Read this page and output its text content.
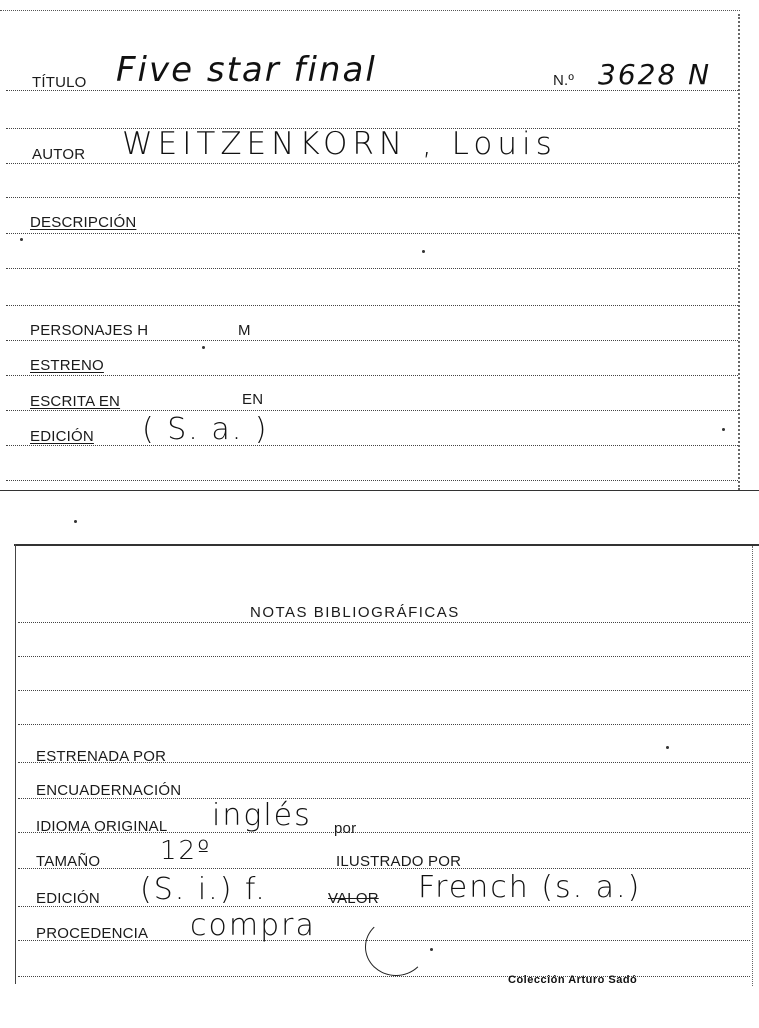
TÍTULO Five star final	N.º 3628 N
AUTOR WEITZENKORN , Louis
DESCRIPCIÓN
PERSONAJES H	M
ESTRENO
ESCRITA EN	EN
EDICIÓN ( S. a. )
NOTAS BIBLIOGRÁFICAS
ESTRENADA POR
ENCUADERNACIÓN
IDIOMA ORIGINAL inglés por
TAMAÑO 12º	ILUSTRADO POR
EDICIÓN (S. i.) f.	VALOR French (s. a.)
PROCEDENCIA compra
Colección Arturo Sadó
